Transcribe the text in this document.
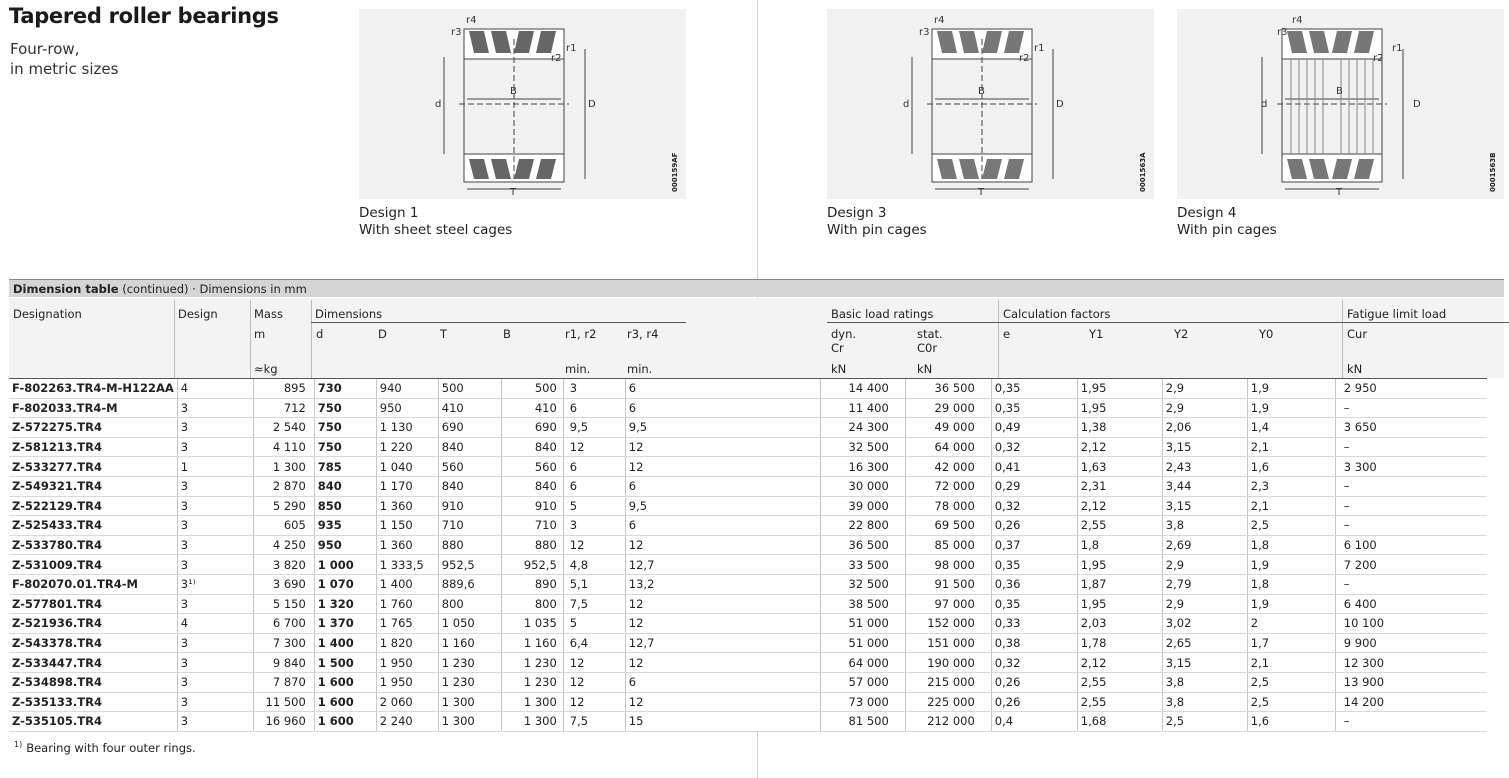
Tapered roller bearings
Four-row,
in metric sizes
r4
r3
r1
r2
d	D
B
T
000159AF
Design 1
With sheet steel cages
r4
r3
r1
r2
d	D
B
T
0001563A
Design 3
With pin cages
r4
r3
r1
r2
d	D
B
T
0001563B
Design 4
With pin cages
Dimension table (continued) · Dimensions in mm
Designation	Design	Mass
m
≈kg
Dimensions
d	D	T	B	r1, r2	r3, r4
min.	min.
Basic load ratings
dyn.
Cr
stat.
C0r
kN	kN
Calculation factors
e	Y1	Y2	Y0
Fatigue limit load
Cur
kN
F-802263.TR4-M-H122AA	4	895	730	940	500	500	3	6		14 400	36 500	0,35	1,95	2,9	1,9	2 950
F-802033.TR4-M	3	712	750	950	410	410	6	6		11 400	29 000	0,35	1,95	2,9	1,9	–
Z-572275.TR4	3	2 540	750	1 130	690	690	9,5	9,5		24 300	49 000	0,49	1,38	2,06	1,4	3 650
Z-581213.TR4	3	4 110	750	1 220	840	840	12	12		32 500	64 000	0,32	2,12	3,15	2,1	–
Z-533277.TR4	1	1 300	785	1 040	560	560	6	12		16 300	42 000	0,41	1,63	2,43	1,6	3 300
Z-549321.TR4	3	2 870	840	1 170	840	840	6	6		30 000	72 000	0,29	2,31	3,44	2,3	–
Z-522129.TR4	3	5 290	850	1 360	910	910	5	9,5		39 000	78 000	0,32	2,12	3,15	2,1	–
Z-525433.TR4	3	605	935	1 150	710	710	3	6		22 800	69 500	0,26	2,55	3,8	2,5	–
Z-533780.TR4	3	4 250	950	1 360	880	880	12	12		36 500	85 000	0,37	1,8	2,69	1,8	6 100
Z-531009.TR4	3	3 820	1 000	1 333,5	952,5	952,5	4,8	12,7		33 500	98 000	0,35	1,95	2,9	1,9	7 200
F-802070.01.TR4-M	3¹⁾	3 690	1 070	1 400	889,6	890	5,1	13,2		32 500	91 500	0,36	1,87	2,79	1,8	–
Z-577801.TR4	3	5 150	1 320	1 760	800	800	7,5	12		38 500	97 000	0,35	1,95	2,9	1,9	6 400
Z-521936.TR4	4	6 700	1 370	1 765	1 050	1 035	5	12		51 000	152 000	0,33	2,03	3,02	2	10 100
Z-543378.TR4	3	7 300	1 400	1 820	1 160	1 160	6,4	12,7		51 000	151 000	0,38	1,78	2,65	1,7	9 900
Z-533447.TR4	3	9 840	1 500	1 950	1 230	1 230	12	12		64 000	190 000	0,32	2,12	3,15	2,1	12 300
Z-534898.TR4	3	7 870	1 600	1 950	1 230	1 230	12	6		57 000	215 000	0,26	2,55	3,8	2,5	13 900
Z-535133.TR4	3	11 500	1 600	2 060	1 300	1 300	12	12		73 000	225 000	0,26	2,55	3,8	2,5	14 200
Z-535105.TR4	3	16 960	1 600	2 240	1 300	1 300	7,5	15		81 500	212 000	0,4	1,68	2,5	1,6	–
$^{1)}$ Bearing with four outer rings.
